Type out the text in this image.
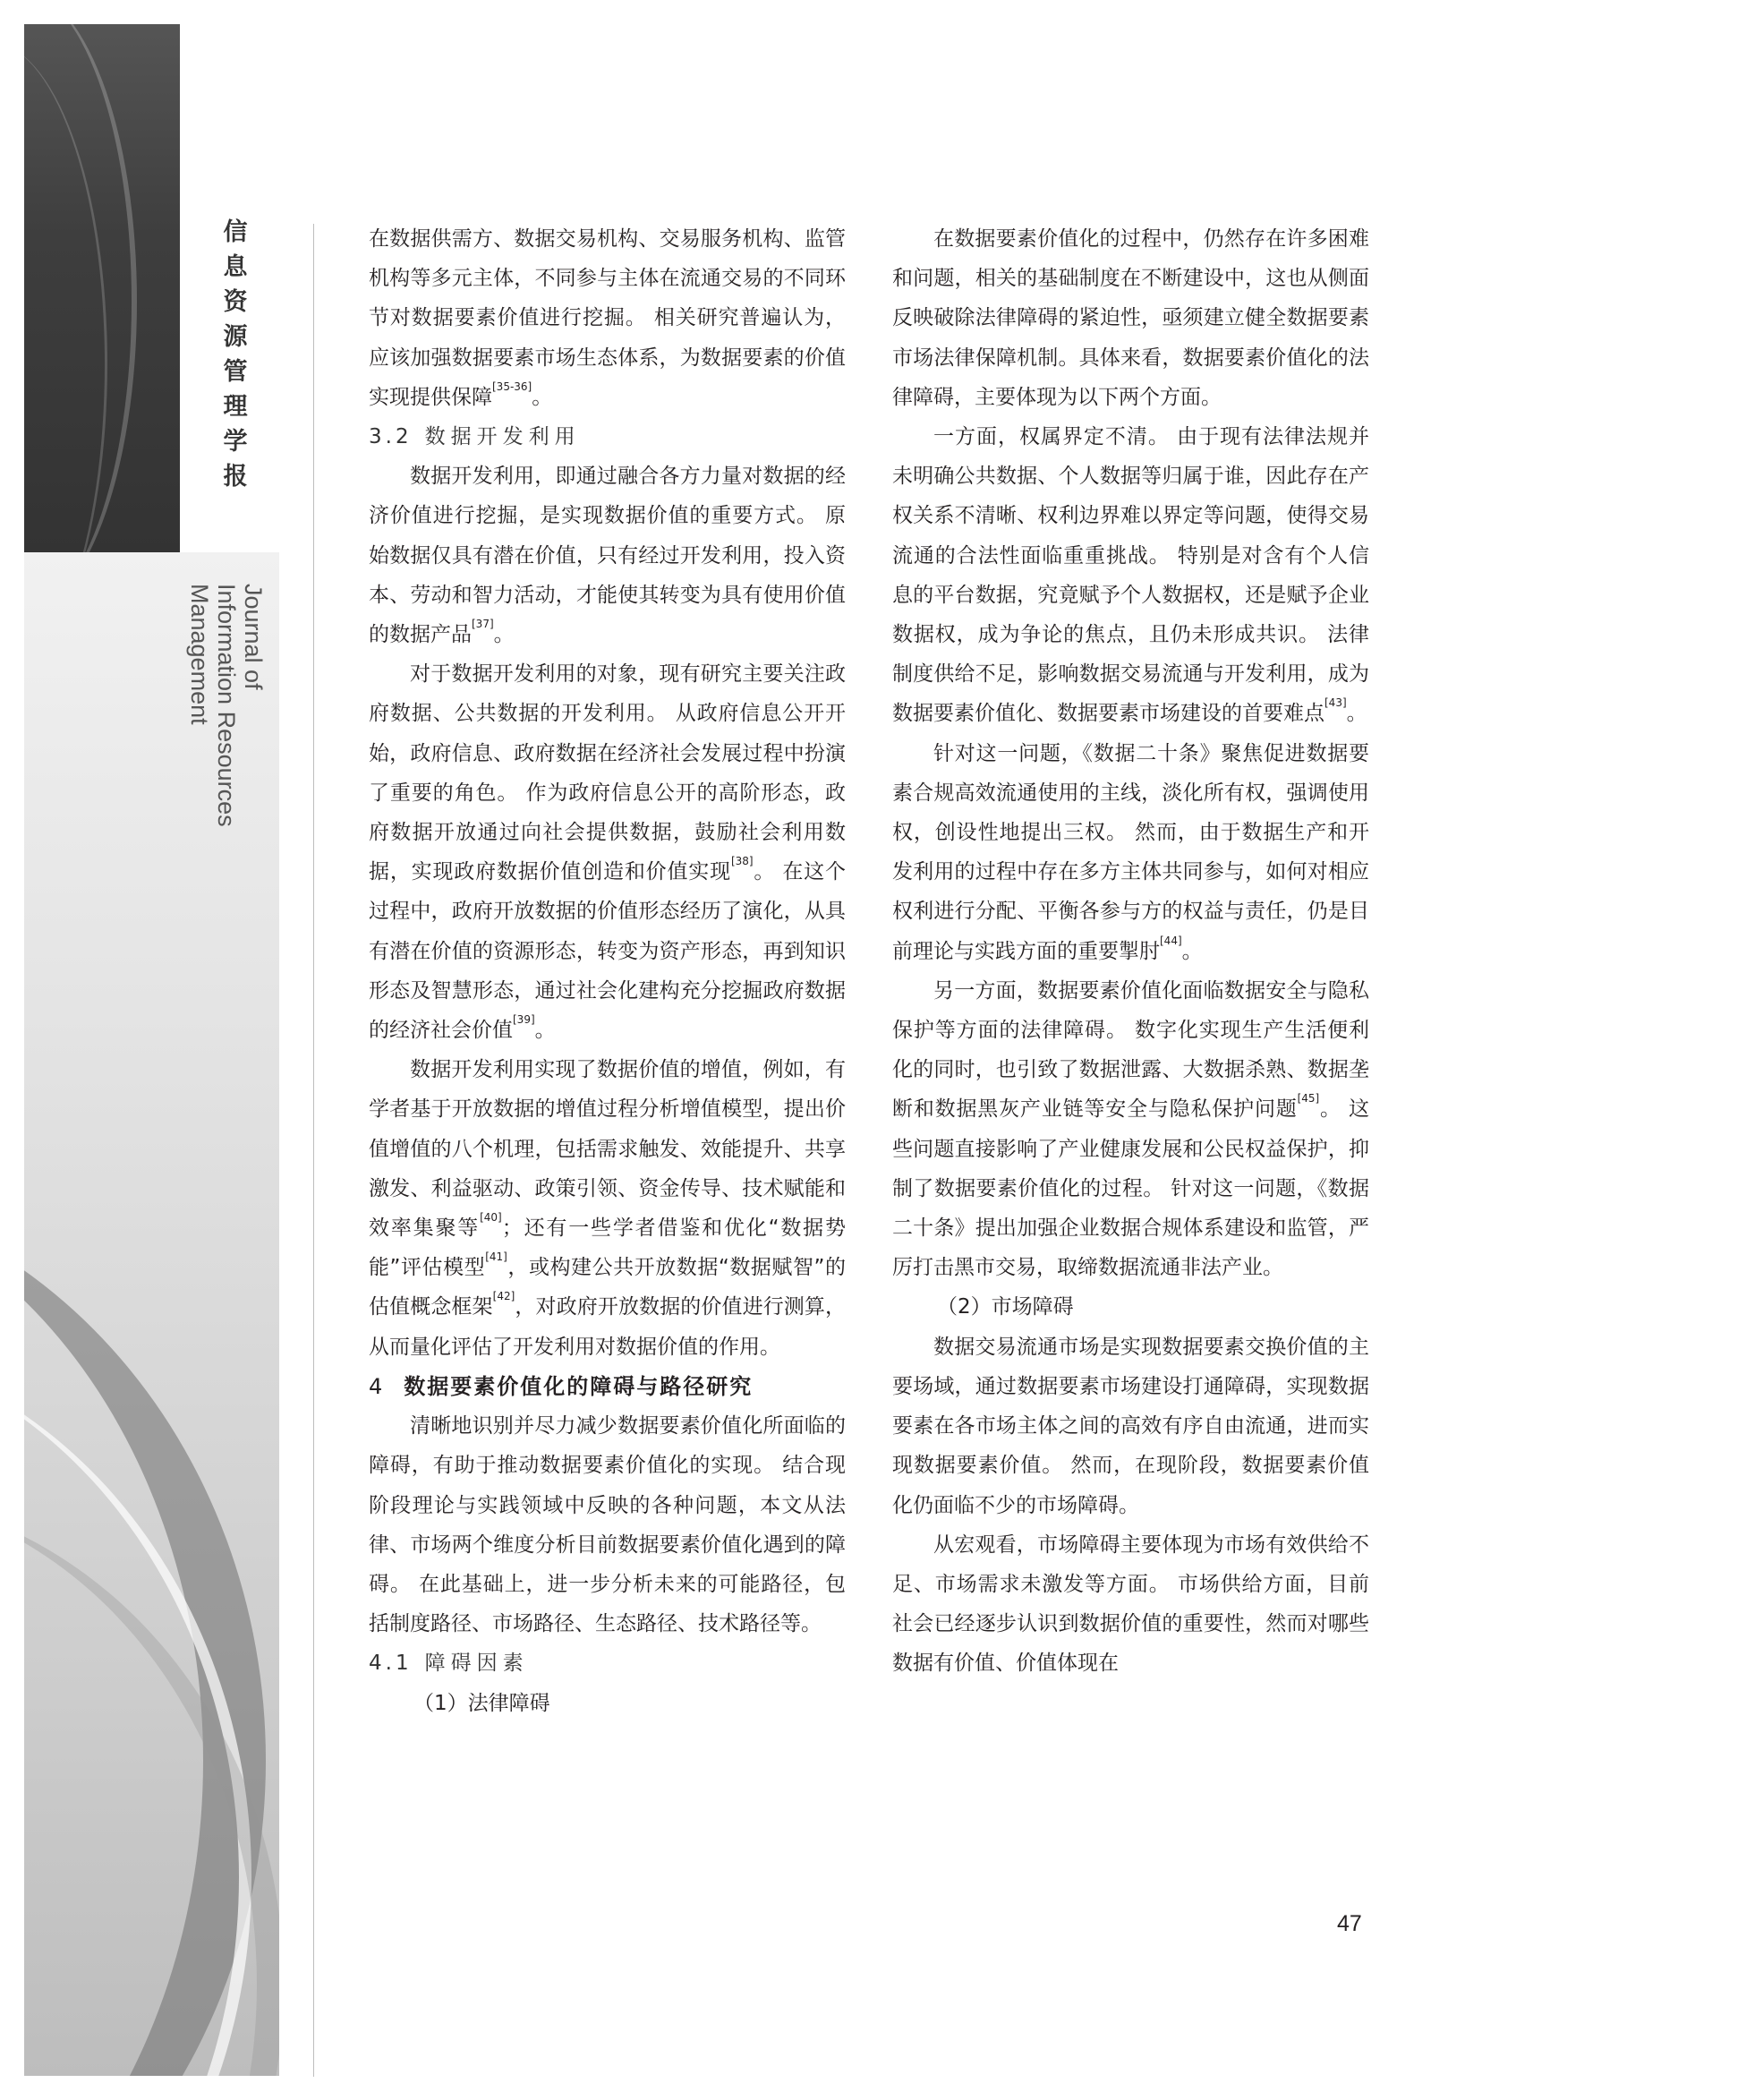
信息资源管理学报
Journal of
Information Resources
Management

在数据供需方、数据交易机构、交易服务机构、监管机构等多元主体，不同参与主体在流通交易的不同环节对数据要素价值进行挖掘。 相关研究普遍认为，应该加强数据要素市场生态体系，为数据要素的价值实现提供保障[35-36]。

3.2 数据开发利用

数据开发利用，即通过融合各方力量对数据的经济价值进行挖掘，是实现数据价值的重要方式。 原始数据仅具有潜在价值，只有经过开发利用，投入资本、劳动和智力活动，才能使其转变为具有使用价值的数据产品[37]。

对于数据开发利用的对象，现有研究主要关注政府数据、公共数据的开发利用。 从政府信息公开开始，政府信息、政府数据在经济社会发展过程中扮演了重要的角色。 作为政府信息公开的高阶形态，政府数据开放通过向社会提供数据，鼓励社会利用数据，实现政府数据价值创造和价值实现[38]。 在这个过程中，政府开放数据的价值形态经历了演化，从具有潜在价值的资源形态，转变为资产形态，再到知识形态及智慧形态，通过社会化建构充分挖掘政府数据的经济社会价值[39]。

数据开发利用实现了数据价值的增值，例如，有学者基于开放数据的增值过程分析增值模型，提出价值增值的八个机理，包括需求触发、效能提升、共享激发、利益驱动、政策引领、资金传导、技术赋能和效率集聚等[40]；还有一些学者借鉴和优化“数据势能”评估模型[41]，或构建公共开放数据“数据赋智”的估值概念框架[42]，对政府开放数据的价值进行测算，从而量化评估了开发利用对数据价值的作用。

4 数据要素价值化的障碍与路径研究

清晰地识别并尽力减少数据要素价值化所面临的障碍，有助于推动数据要素价值化的实现。 结合现阶段理论与实践领域中反映的各种问题，本文从法律、市场两个维度分析目前数据要素价值化遇到的障碍。 在此基础上，进一步分析未来的可能路径，包括制度路径、市场路径、生态路径、技术路径等。

4.1 障碍因素
（1）法律障碍

在数据要素价值化的过程中，仍然存在许多困难和问题，相关的基础制度在不断建设中，这也从侧面反映破除法律障碍的紧迫性，亟须建立健全数据要素市场法律保障机制。具体来看，数据要素价值化的法律障碍，主要体现为以下两个方面。

一方面，权属界定不清。 由于现有法律法规并未明确公共数据、个人数据等归属于谁，因此存在产权关系不清晰、权利边界难以界定等问题，使得交易流通的合法性面临重重挑战。 特别是对含有个人信息的平台数据，究竟赋予个人数据权，还是赋予企业数据权，成为争论的焦点，且仍未形成共识。 法律制度供给不足，影响数据交易流通与开发利用，成为数据要素价值化、数据要素市场建设的首要难点[43]。

针对这一问题，《数据二十条》聚焦促进数据要素合规高效流通使用的主线，淡化所有权，强调使用权，创设性地提出三权。 然而，由于数据生产和开发利用的过程中存在多方主体共同参与，如何对相应权利进行分配、平衡各参与方的权益与责任，仍是目前理论与实践方面的重要掣肘[44]。

另一方面，数据要素价值化面临数据安全与隐私保护等方面的法律障碍。 数字化实现生产生活便利化的同时，也引致了数据泄露、大数据杀熟、数据垄断和数据黑灰产业链等安全与隐私保护问题[45]。 这些问题直接影响了产业健康发展和公民权益保护，抑制了数据要素价值化的过程。 针对这一问题，《数据二十条》提出加强企业数据合规体系建设和监管，严厉打击黑市交易，取缔数据流通非法产业。

（2）市场障碍

数据交易流通市场是实现数据要素交换价值的主要场域，通过数据要素市场建设打通障碍，实现数据要素在各市场主体之间的高效有序自由流通，进而实现数据要素价值。 然而，在现阶段，数据要素价值化仍面临不少的市场障碍。

从宏观看，市场障碍主要体现为市场有效供给不足、市场需求未激发等方面。 市场供给方面，目前社会已经逐步认识到数据价值的重要性，然而对哪些数据有价值、价值体现在

47
